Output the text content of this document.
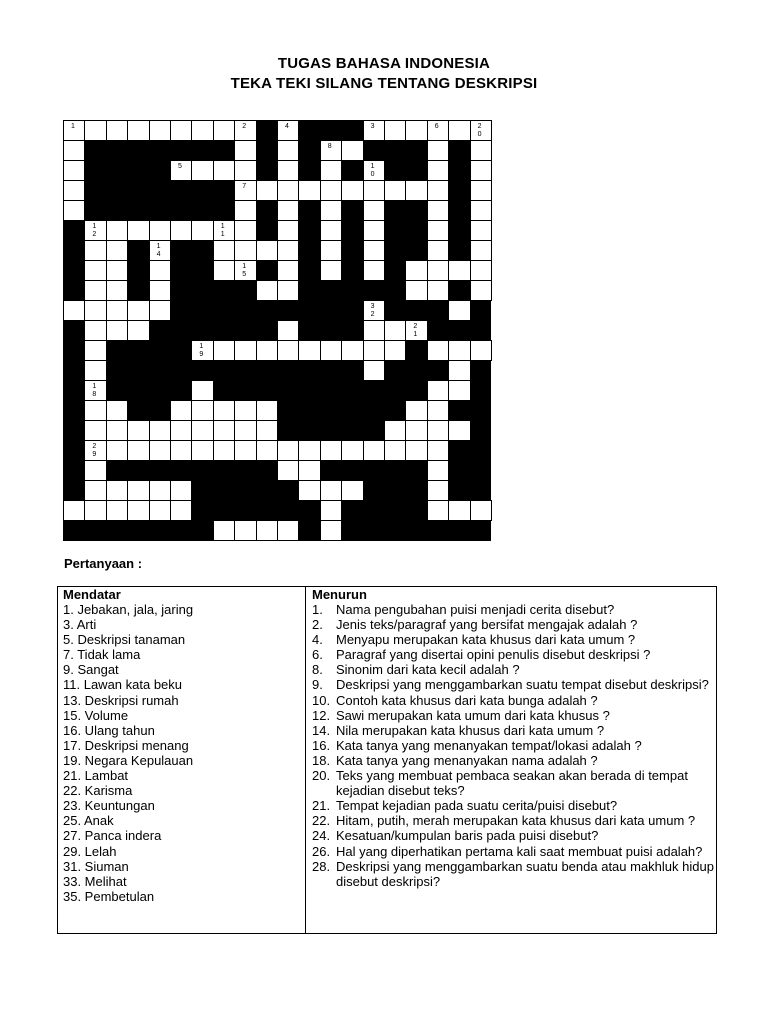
TUGAS BAHASA INDONESIA
TEKA TEKI SILANG TENTANG DESKRIPSI
1	2	4	3	6	20
8
5	10
7
12
11
14
15
32
21
19
18
29
Pertanyaan :
Mendatar	Menurun
1. Jebakan, jala, jaring
3. Arti
5. Deskripsi tanaman
7. Tidak lama
9. Sangat
11. Lawan kata beku
13. Deskripsi rumah
15. Volume
16. Ulang tahun
17. Deskripsi menang
19. Negara Kepulauan
21. Lambat
22. Karisma
23. Keuntungan
25. Anak
27. Panca indera
29. Lelah
31. Siuman
33. Melihat
35. Pembetulan
1. Nama pengubahan puisi menjadi cerita disebut?
2. Jenis teks/paragraf yang bersifat mengajak adalah ?
4. Menyapu merupakan kata khusus dari kata umum ?
6. Paragraf yang disertai opini penulis disebut deskripsi ?
8. Sinonim dari kata kecil adalah ?
9. Deskripsi yang menggambarkan suatu tempat disebut deskripsi?
10. Contoh kata khusus dari kata bunga adalah ?
12. Sawi merupakan kata umum dari kata khusus ?
14. Nila merupakan kata khusus dari kata umum ?
16. Kata tanya yang menanyakan tempat/lokasi adalah ?
18. Kata tanya yang menanyakan nama adalah ?
20. Teks yang membuat pembaca seakan akan berada di tempat kejadian disebut teks?
21. Tempat kejadian pada suatu cerita/puisi disebut?
22. Hitam, putih, merah merupakan kata khusus dari kata umum ?
24. Kesatuan/kumpulan baris pada puisi disebut?
26. Hal yang diperhatikan pertama kali saat membuat puisi adalah?
28. Deskripsi yang menggambarkan suatu benda atau makhluk hidup disebut deskripsi?
